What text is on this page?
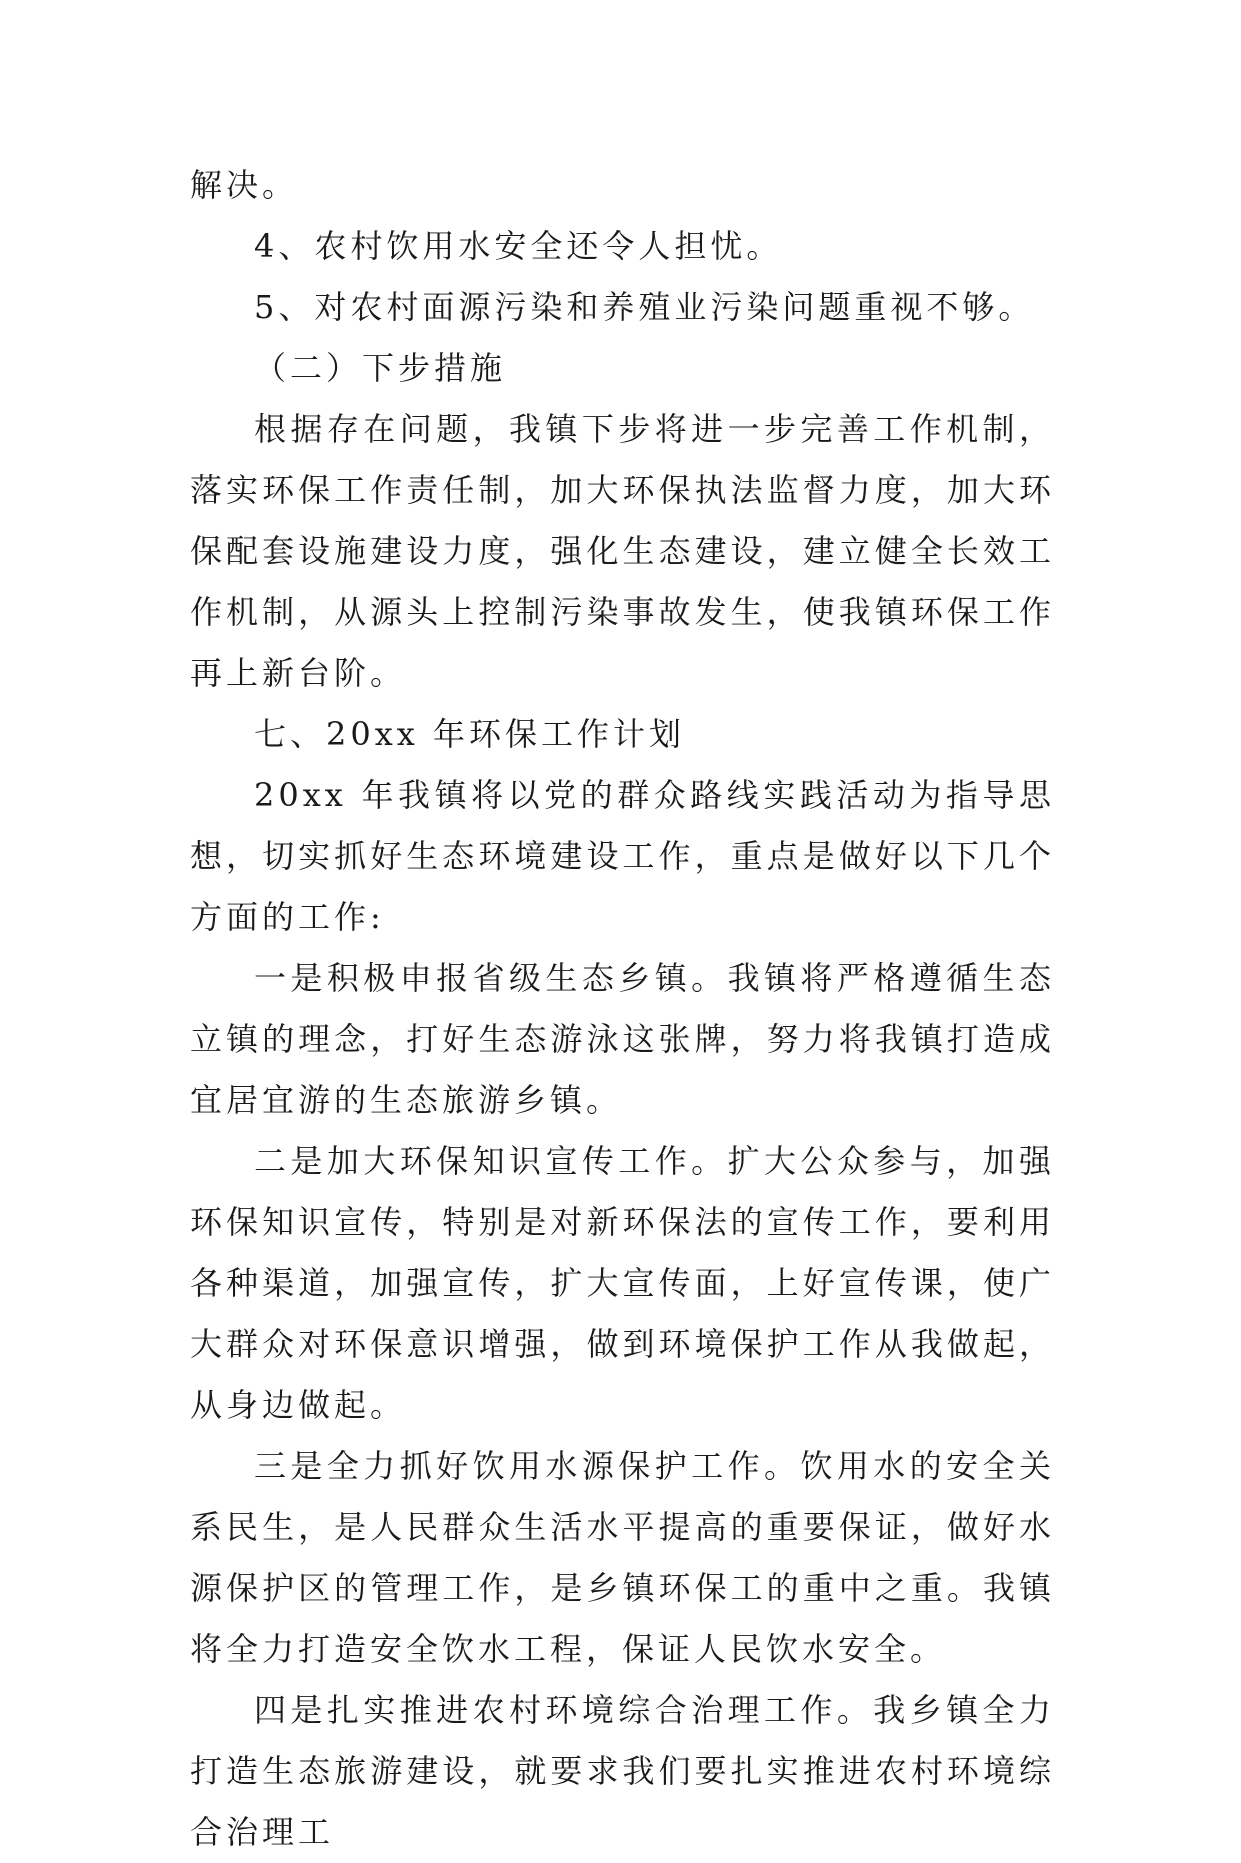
解决。

4、农村饮用水安全还令人担忧。

5、对农村面源污染和养殖业污染问题重视不够。

（二）下步措施

根据存在问题，我镇下步将进一步完善工作机制，落实环保工作责任制，加大环保执法监督力度，加大环保配套设施建设力度，强化生态建设，建立健全长效工作机制，从源头上控制污染事故发生，使我镇环保工作再上新台阶。

七、20xx 年环保工作计划

20xx 年我镇将以党的群众路线实践活动为指导思想，切实抓好生态环境建设工作，重点是做好以下几个方面的工作:

一是积极申报省级生态乡镇。我镇将严格遵循生态立镇的理念，打好生态游泳这张牌，努力将我镇打造成宜居宜游的生态旅游乡镇。

二是加大环保知识宣传工作。扩大公众参与，加强环保知识宣传，特别是对新环保法的宣传工作，要利用各种渠道，加强宣传，扩大宣传面，上好宣传课，使广大群众对环保意识增强，做到环境保护工作从我做起，从身边做起。

三是全力抓好饮用水源保护工作。饮用水的安全关系民生，是人民群众生活水平提高的重要保证，做好水源保护区的管理工作，是乡镇环保工的重中之重。我镇将全力打造安全饮水工程，保证人民饮水安全。

四是扎实推进农村环境综合治理工作。我乡镇全力打造生态旅游建设，就要求我们要扎实推进农村环境综合治理工
